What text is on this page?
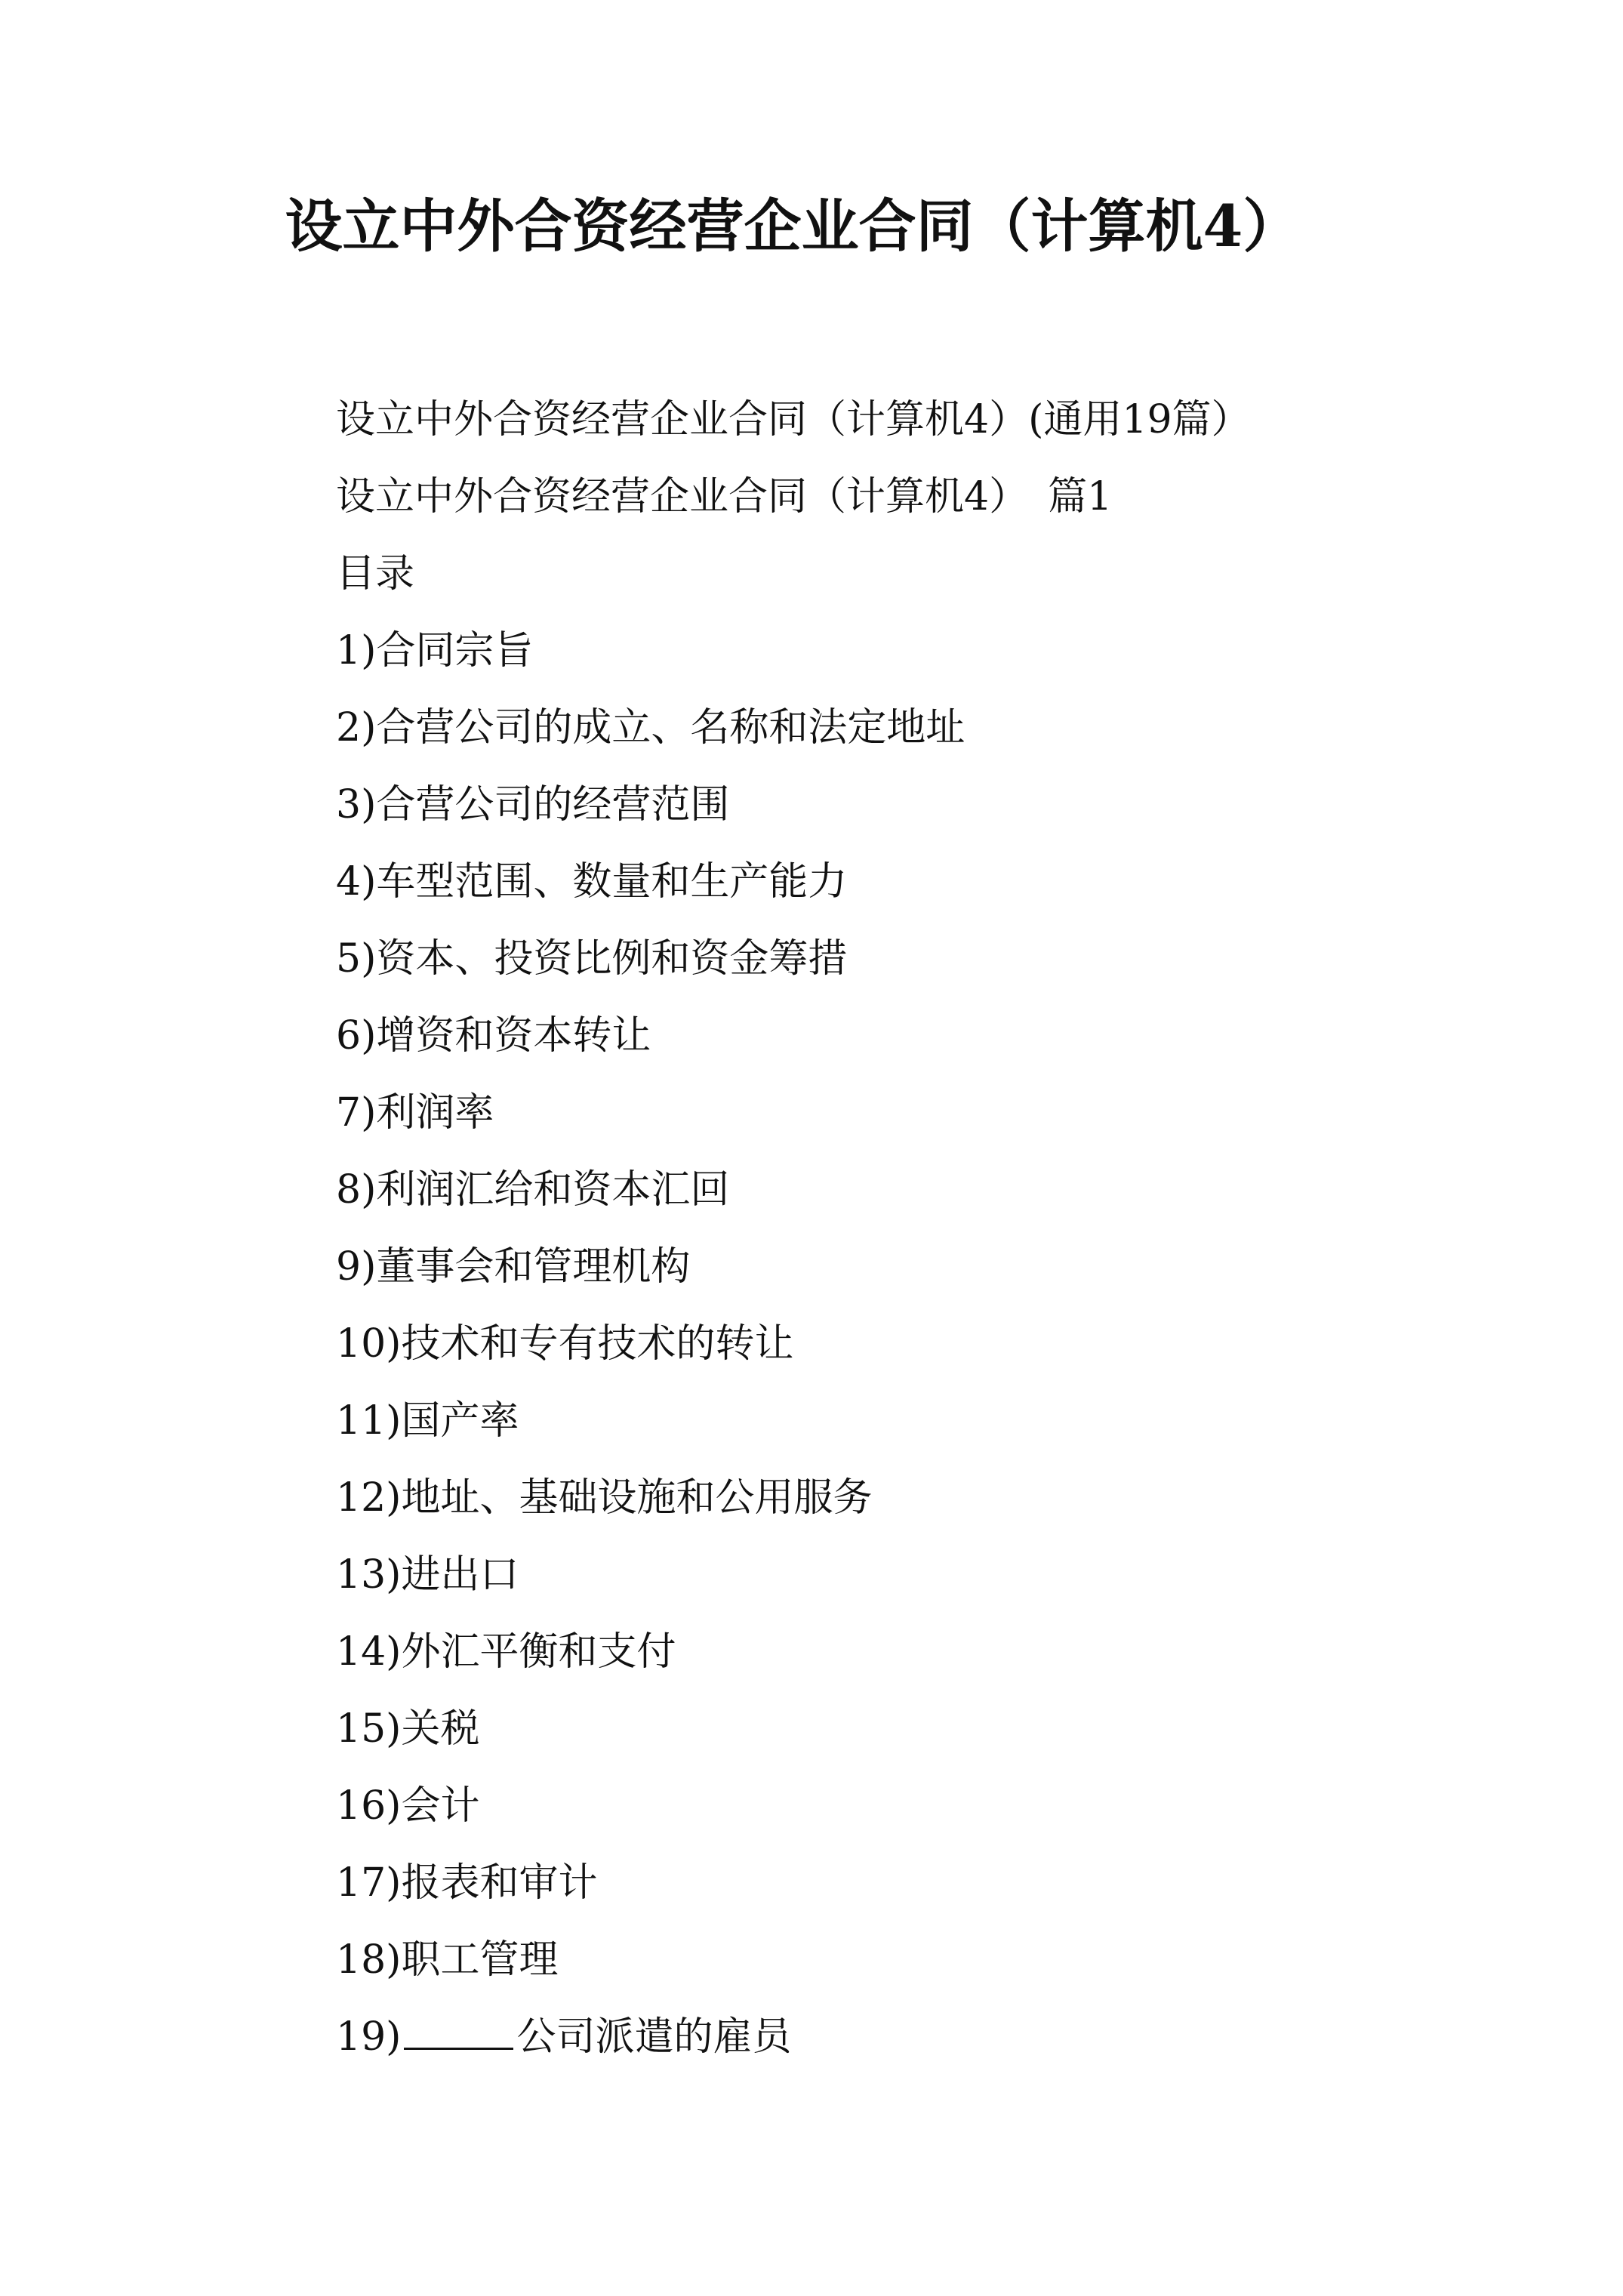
设立中外合资经营企业合同（计算机4）
设立中外合资经营企业合同（计算机4）(通用19篇）
设立中外合资经营企业合同（计算机4）　篇1
目录
1)合同宗旨
2)合营公司的成立、名称和法定地址
3)合营公司的经营范围
4)车型范围、数量和生产能力
5)资本、投资比例和资金筹措
6)增资和资本转让
7)利润率
8)利润汇给和资本汇回
9)董事会和管理机构
10)技术和专有技术的转让
11)国产率
12)地址、基础设施和公用服务
13)进出口
14)外汇平衡和支付
15)关税
16)会计
17)报表和审计
18)职工管理
19)	公司派遣的雇员
